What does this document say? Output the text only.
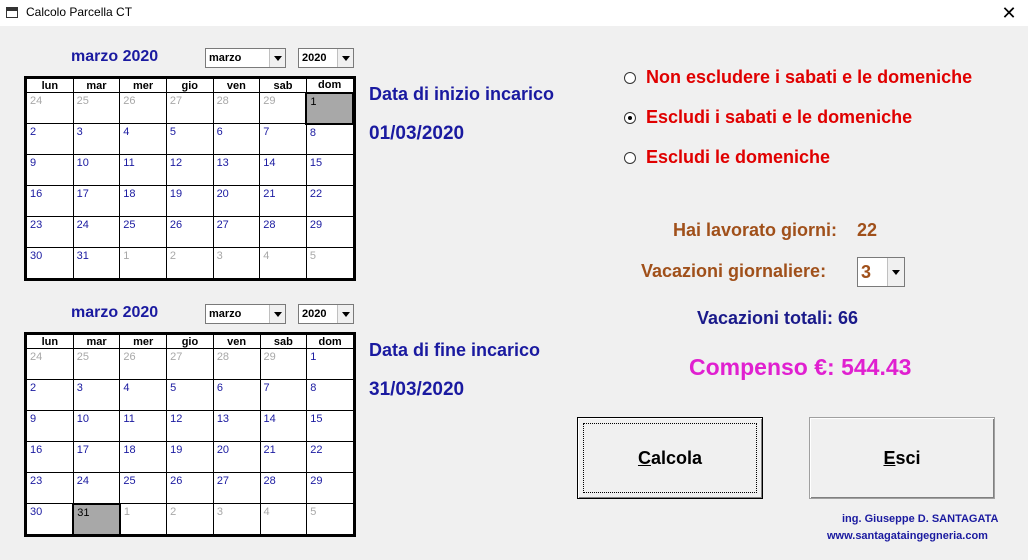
Calcolo Parcella CT	✕
marzo 2020	marzo	2020
lun	mar	mer	gio	ven	sab	dom
24	25	26	27	28	29	1
2	3	4	5	6	7	8
9	10	11	12	13	14	15
16	17	18	19	20	21	22
23	24	25	26	27	28	29
30	31	1	2	3	4	5
Data di inizio incarico
01/03/2020
marzo 2020	marzo	2020
lun	mar	mer	gio	ven	sab	dom
24	25	26	27	28	29	1
2	3	4	5	6	7	8
9	10	11	12	13	14	15
16	17	18	19	20	21	22
23	24	25	26	27	28	29
30	31	1	2	3	4	5
Data di fine incarico
31/03/2020
Non escludere i sabati e le domeniche
Escludi i sabati e le domeniche
Escludi le domeniche
Hai lavorato giorni: 22
Vacazioni giornaliere: 3
Vacazioni totali: 66
Compenso €: 544.43
Calcola	Esci
ing. Giuseppe D. SANTAGATA
www.santagataingegneria.com
